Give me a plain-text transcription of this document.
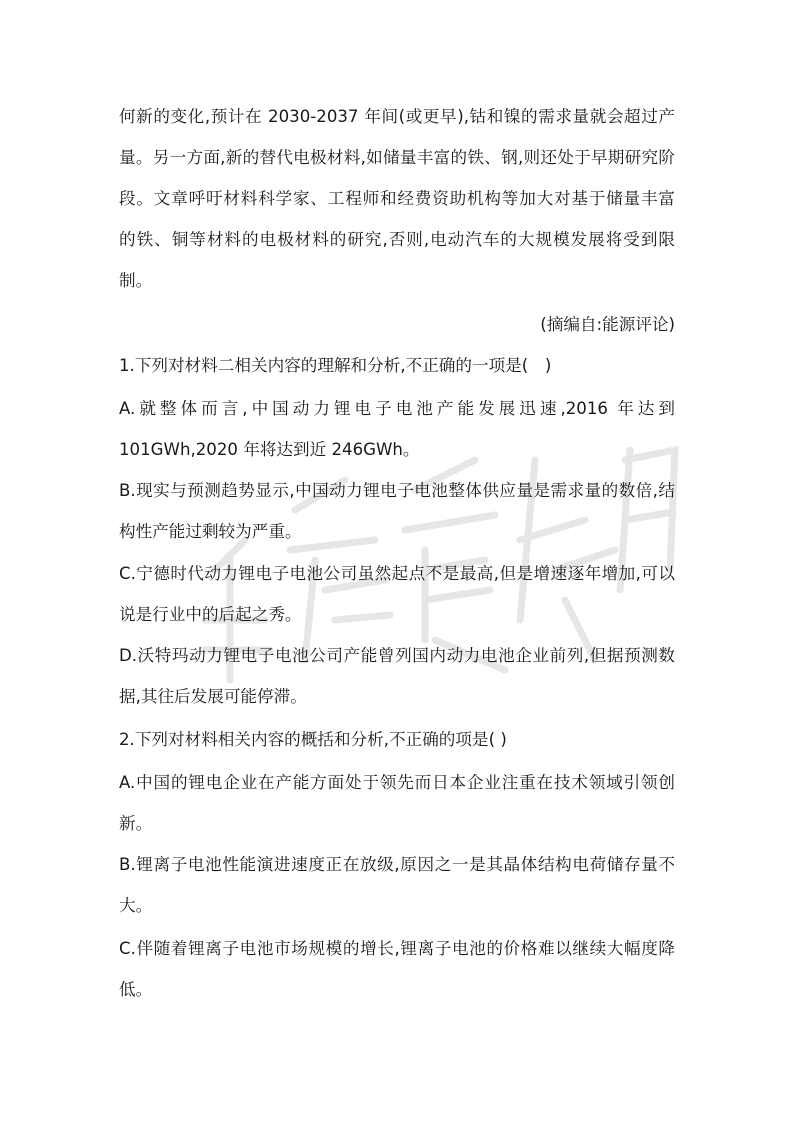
何新的变化,预计在 2030-2037 年间(或更早),钴和镍的需求量就会超过产
量。另一方面,新的替代电极材料,如储量丰富的铁、钢,则还处于早期研究阶
段。文章呼吁材料科学家、工程师和经费资助机构等加大对基于储量丰富
的铁、铜等材料的电极材料的研究,否则,电动汽车的大规模发展将受到限
制。
(摘编自:能源评论)
1.下列对材料二相关内容的理解和分析,不正确的一项是(　)
A.就整体而言,中国动力锂电子电池产能发展迅速,2016 年达到
101GWh,2020 年将达到近 246GWh。
B.现实与预测趋势显示,中国动力锂电子电池整体供应量是需求量的数倍,结
构性产能过剩较为严重。
C.宁德时代动力锂电子电池公司虽然起点不是最高,但是增速逐年增加,可以
说是行业中的后起之秀。
D.沃特玛动力锂电子电池公司产能曾列国内动力电池企业前列,但据预测数
据,其往后发展可能停滞。
2.下列对材料相关内容的概括和分析,不正确的项是( )
A.中国的锂电企业在产能方面处于领先而日本企业注重在技术领域引领创
新。
B.锂离子电池性能演进速度正在放级,原因之一是其晶体结构电荷储存量不
大。
C.伴随着锂离子电池市场规模的增长,锂离子电池的价格难以继续大幅度降
低。
